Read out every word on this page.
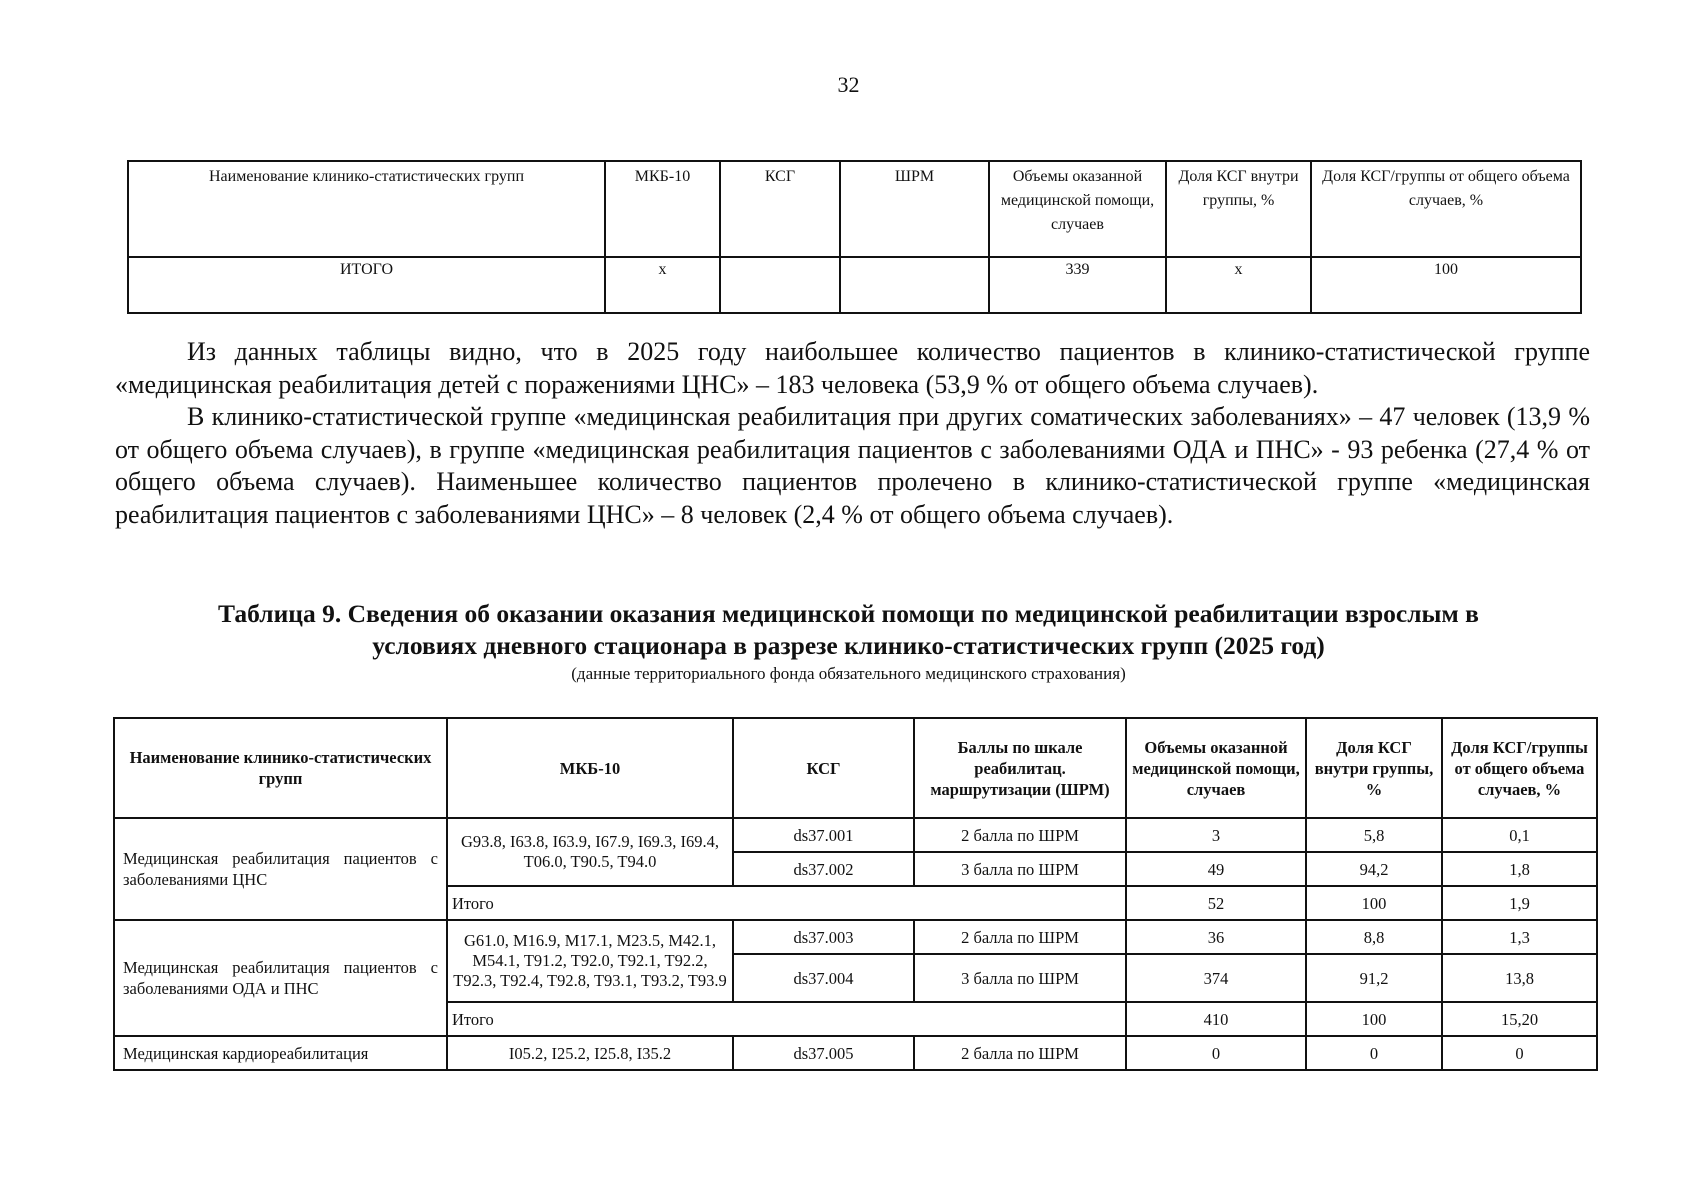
32
Наименование клинико-статистических групп	МКБ-10	КСГ	ШРМ	Объемы оказанной медицинской помощи, случаев	Доля КСГ внутри группы, %	Доля КСГ/группы от общего объема случаев, %
ИТОГО	х			339	х	100
Из данных таблицы видно, что в 2025 году наибольшее количество пациентов в клинико-статистической группе «медицинская реабилитация детей с поражениями ЦНС» – 183 человека (53,9 % от общего объема случаев).
В клинико-статистической группе «медицинская реабилитация при других соматических заболеваниях» – 47 человек (13,9 % от общего объема случаев), в группе «медицинская реабилитация пациентов с заболеваниями ОДА и ПНС» - 93 ребенка (27,4 % от общего объема случаев). Наименьшее количество пациентов пролечено в клинико-статистической группе «медицинская реабилитация пациентов с заболеваниями ЦНС» – 8 человек (2,4 % от общего объема случаев).
Таблица 9. Сведения об оказании оказания медицинской помощи по медицинской реабилитации взрослым в
условиях дневного стационара в разрезе клинико-статистических групп (2025 год)
(данные территориального фонда обязательного медицинского страхования)
Наименование клинико-статистических групп	МКБ-10	КСГ	Баллы по шкале реабилитац. маршрутизации (ШРМ)	Объемы оказанной медицинской помощи, случаев	Доля КСГ внутри группы, %	Доля КСГ/группы от общего объема случаев, %
Медицинская реабилитация пациентов с заболеваниями ЦНС	G93.8, I63.8, I63.9, I67.9, I69.3, I69.4, T06.0, T90.5, T94.0	ds37.001	2 балла по ШРМ	3	5,8	0,1
		ds37.002	3 балла по ШРМ	49	94,2	1,8
	Итого			52	100	1,9
Медицинская реабилитация пациентов с заболеваниями ОДА и ПНС	G61.0, M16.9, M17.1, M23.5, M42.1, M54.1, T91.2, T92.0, T92.1, T92.2, T92.3, T92.4, T92.8, T93.1, T93.2, T93.9	ds37.003	2 балла по ШРМ	36	8,8	1,3
		ds37.004	3 балла по ШРМ	374	91,2	13,8
	Итого			410	100	15,20
Медицинская кардиореабилитация	I05.2, I25.2, I25.8, I35.2	ds37.005	2 балла по ШРМ	0	0	0
